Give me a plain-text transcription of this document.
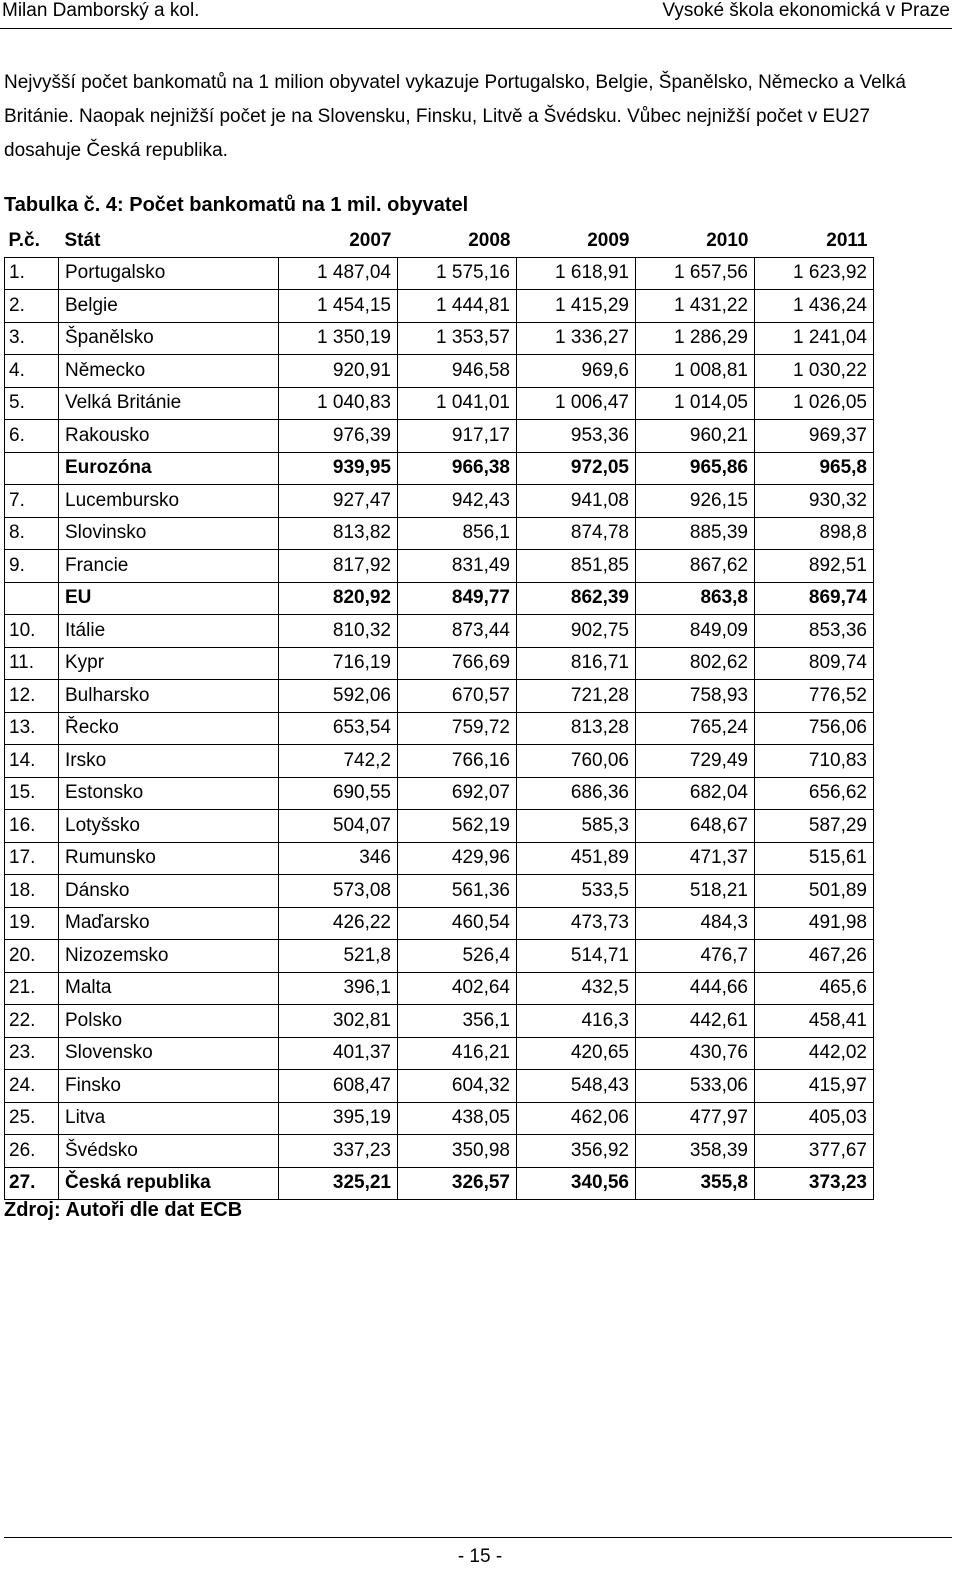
Milan Damborský a kol.	Vysoké škola ekonomická v Praze
Nejvyšší počet bankomatů na 1 milion obyvatel vykazuje Portugalsko, Belgie, Španělsko, Německo a Velká Británie. Naopak nejnižší počet je na Slovensku, Finsku, Litvě a Švédsku. Vůbec nejnižší počet v EU27 dosahuje Česká republika.
Tabulka č. 4: Počet bankomatů na 1 mil. obyvatel
P.č.	Stát	2007	2008	2009	2010	2011
1.	Portugalsko	1 487,04	1 575,16	1 618,91	1 657,56	1 623,92
2.	Belgie	1 454,15	1 444,81	1 415,29	1 431,22	1 436,24
3.	Španělsko	1 350,19	1 353,57	1 336,27	1 286,29	1 241,04
4.	Německo	920,91	946,58	969,6	1 008,81	1 030,22
5.	Velká Británie	1 040,83	1 041,01	1 006,47	1 014,05	1 026,05
6.	Rakousko	976,39	917,17	953,36	960,21	969,37
	Eurozóna	939,95	966,38	972,05	965,86	965,8
7.	Lucembursko	927,47	942,43	941,08	926,15	930,32
8.	Slovinsko	813,82	856,1	874,78	885,39	898,8
9.	Francie	817,92	831,49	851,85	867,62	892,51
	EU	820,92	849,77	862,39	863,8	869,74
10.	Itálie	810,32	873,44	902,75	849,09	853,36
11.	Kypr	716,19	766,69	816,71	802,62	809,74
12.	Bulharsko	592,06	670,57	721,28	758,93	776,52
13.	Řecko	653,54	759,72	813,28	765,24	756,06
14.	Irsko	742,2	766,16	760,06	729,49	710,83
15.	Estonsko	690,55	692,07	686,36	682,04	656,62
16.	Lotyšsko	504,07	562,19	585,3	648,67	587,29
17.	Rumunsko	346	429,96	451,89	471,37	515,61
18.	Dánsko	573,08	561,36	533,5	518,21	501,89
19.	Maďarsko	426,22	460,54	473,73	484,3	491,98
20.	Nizozemsko	521,8	526,4	514,71	476,7	467,26
21.	Malta	396,1	402,64	432,5	444,66	465,6
22.	Polsko	302,81	356,1	416,3	442,61	458,41
23.	Slovensko	401,37	416,21	420,65	430,76	442,02
24.	Finsko	608,47	604,32	548,43	533,06	415,97
25.	Litva	395,19	438,05	462,06	477,97	405,03
26.	Švédsko	337,23	350,98	356,92	358,39	377,67
27.	Česká republika	325,21	326,57	340,56	355,8	373,23
Zdroj: Autoři dle dat ECB
- 15 -
